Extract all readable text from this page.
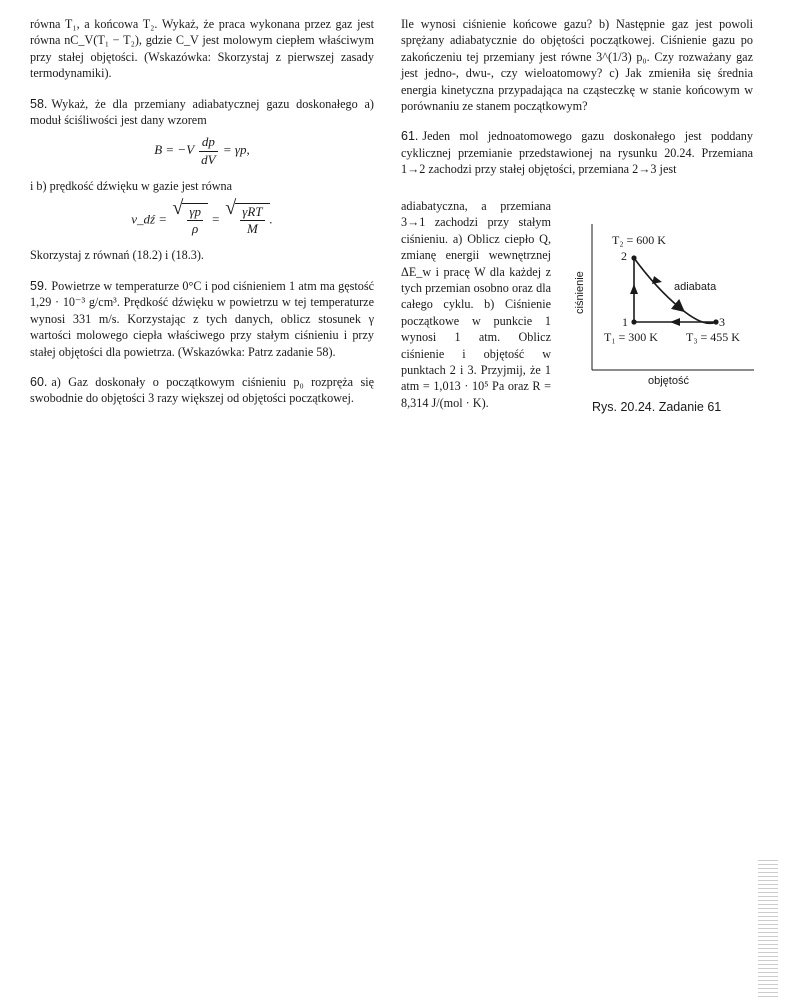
równa T₁, a końcowa T₂. Wykaż, że praca wykonana przez gaz jest równa nC_V(T₁ − T₂), gdzie C_V jest molowym ciepłem właściwym przy stałej objętości. (Wskazówka: Skorzystaj z pierwszej zasady termodynamiki).

58. Wykaż, że dla przemiany adiabatycznej gazu doskonałego a) moduł ściśliwości jest dany wzorem

$B = -V \frac{dp}{dV} = \gamma p$,

i b) prędkość dźwięku w gazie jest równa

v_dź = √ $\frac{\gamma p}{\rho}$ = √ $\frac{\text{γRT}}{M}$ .

Skorzystaj z równań (18.2) i (18.3).

59. Powietrze w temperaturze 0°C i pod ciśnieniem 1 atm ma gęstość 1,29 · 10⁻³ g/cm³. Prędkość dźwięku w powietrzu w tej temperaturze wynosi 331 m/s. Korzystając z tych danych, oblicz stosunek γ wartości molowego ciepła właściwego przy stałym ciśnieniu i przy stałej objętości dla powietrza. (Wskazówka: Patrz zadanie 58).

60. a) Gaz doskonały o początkowym ciśnieniu p₀ rozpręża się swobodnie do objętości 3 razy większej od objętości początkowej.

Ile wynosi ciśnienie końcowe gazu? b) Następnie gaz jest powoli sprężany adiabatycznie do objętości początkowej. Ciśnienie gazu po zakończeniu tej przemiany jest równe 3^(1/3) p₀. Czy rozważany gaz jest jedno-, dwu-, czy wieloatomowy? c) Jak zmieniła się średnia energia kinetyczna przypadająca na cząsteczkę w stanie końcowym w porównaniu ze stanem początkowym?

61. Jeden mol jednoatomowego gazu doskonałego jest poddany cyklicznej przemianie przedstawionej na rysunku 20.24. Przemiana 1→2 zachodzi przy stałej objętości, przemiana 2→3 jest

adiabatyczna, a przemiana 3→1 zachodzi przy stałym ciśnieniu. a) Oblicz ciepło Q, zmianę energii wewnętrznej ΔE_w i pracę W dla każdej z tych przemian osobno oraz dla całego cyklu. b) Ciśnienie początkowe w punkcie 1 wynosi 1 atm. Oblicz ciśnienie i objętość w punktach 2 i 3. Przyjmij, że 1 atm = 1,013 · 10⁵ Pa oraz R = 8,314 J/(mol · K).
ciśnienie
T₂ = 600 K
2
adiabata
1	3
T₁ = 300 K T₃ = 455 K
objętość
Rys. 20.24. Zadanie 61
